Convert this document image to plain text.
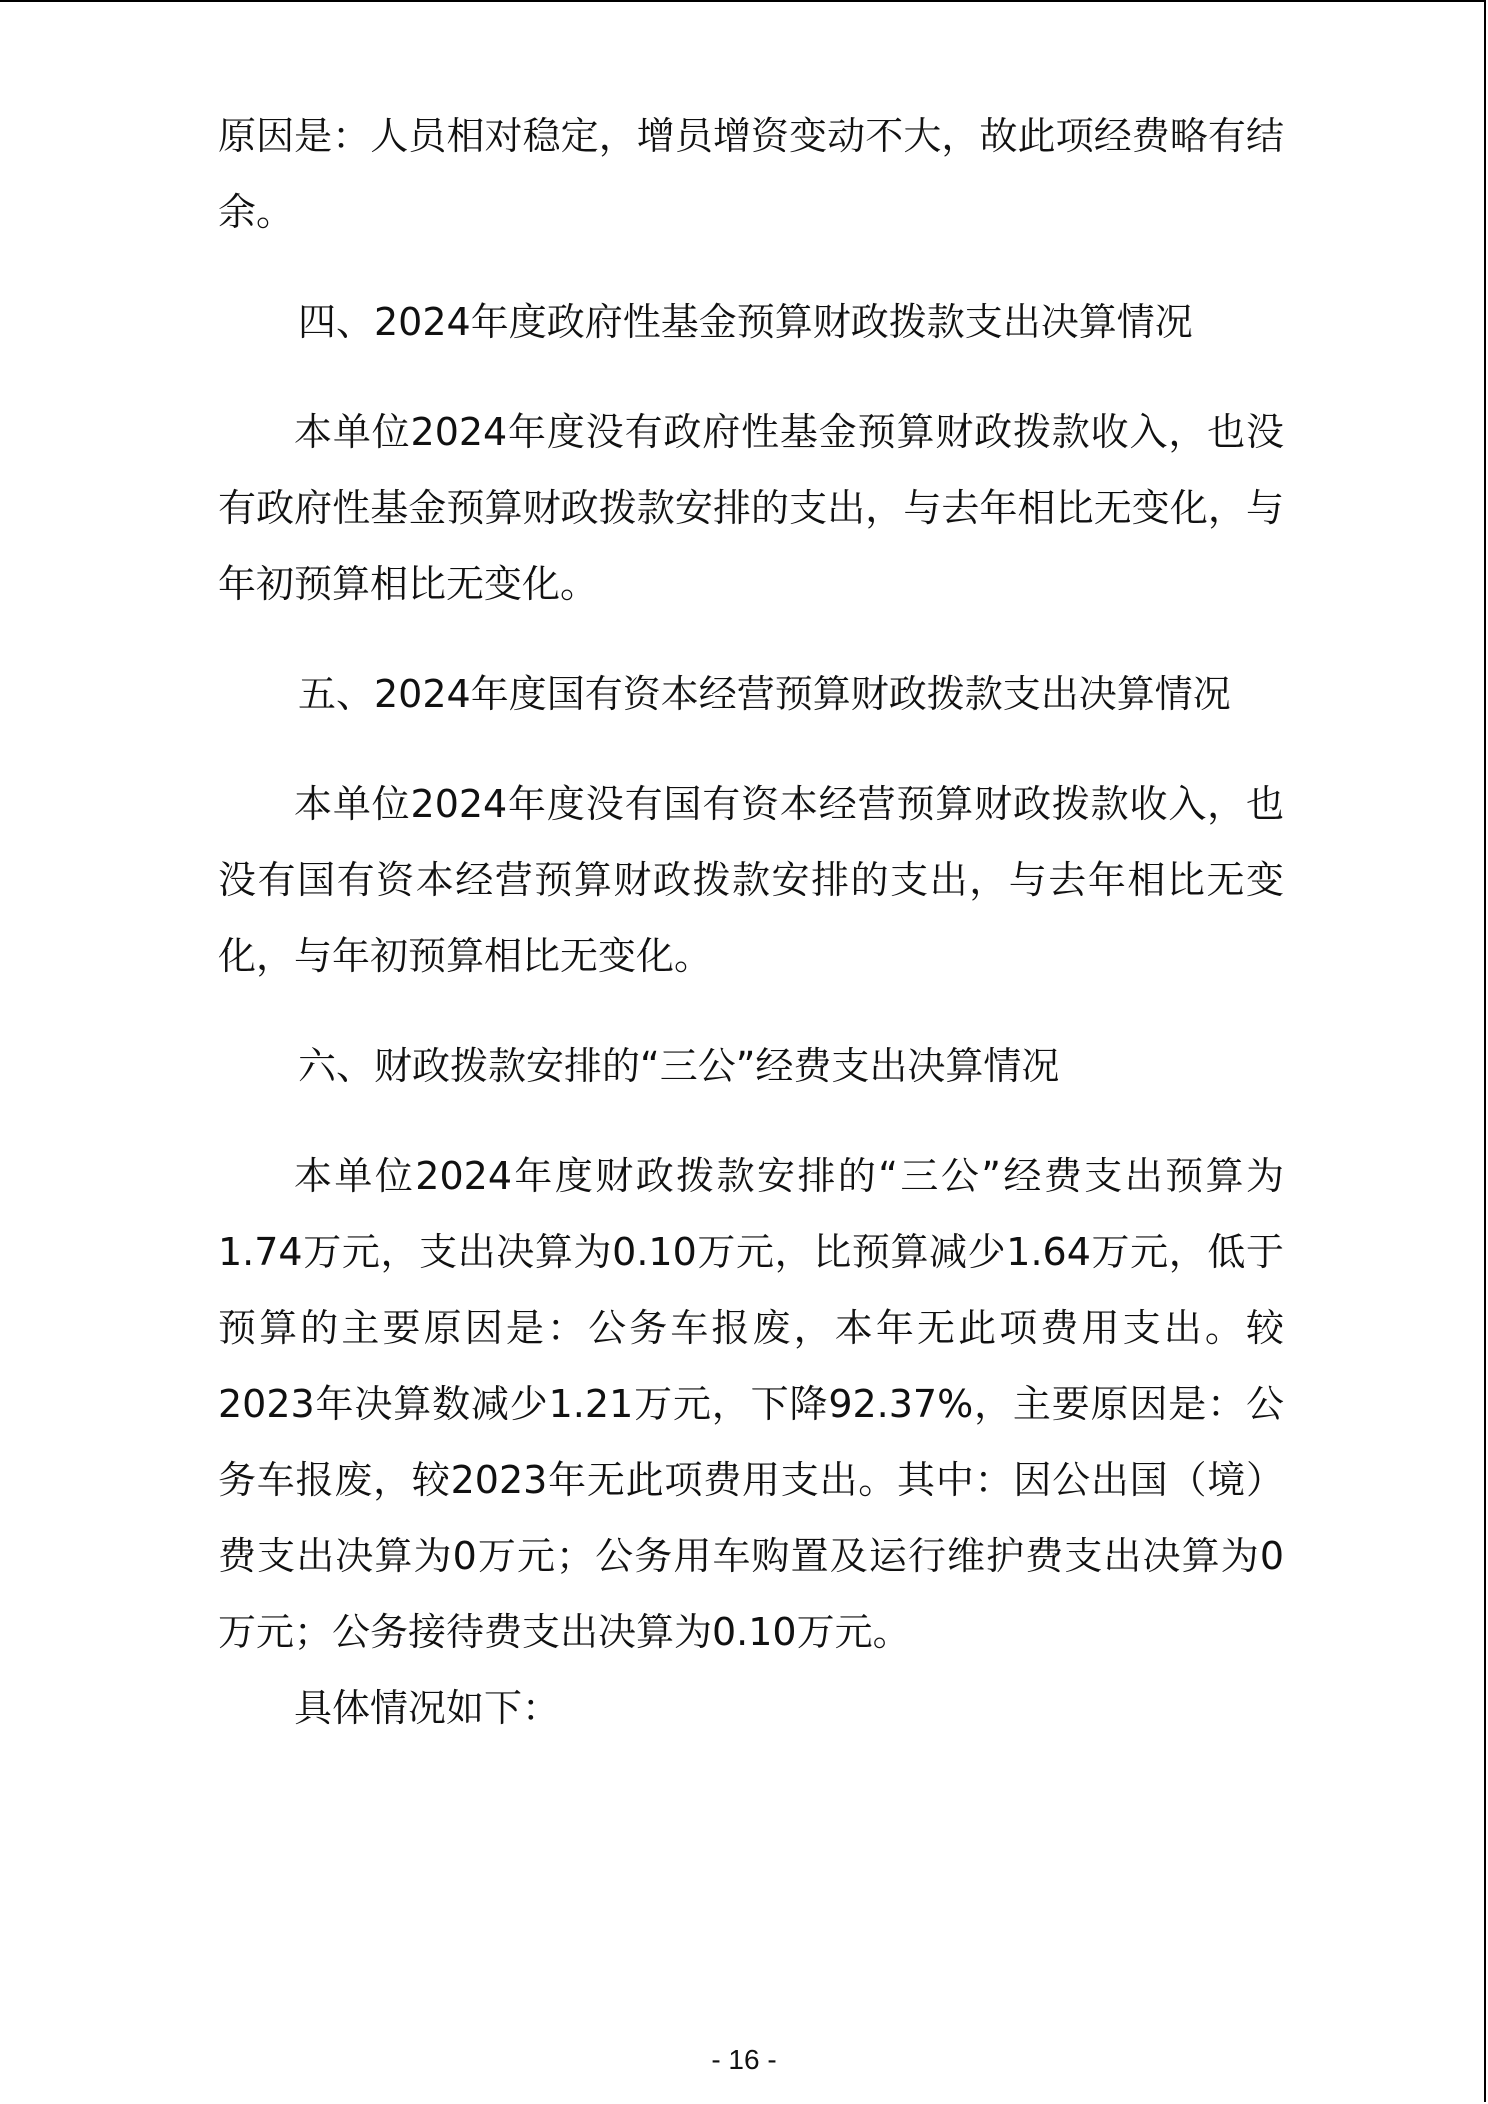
原因是：人员相对稳定，增员增资变动不大，故此项经费略有结余。

四、2024年度政府性基金预算财政拨款支出决算情况

本单位2024年度没有政府性基金预算财政拨款收入，也没有政府性基金预算财政拨款安排的支出，与去年相比无变化，与年初预算相比无变化。

五、2024年度国有资本经营预算财政拨款支出决算情况

本单位2024年度没有国有资本经营预算财政拨款收入，也没有国有资本经营预算财政拨款安排的支出，与去年相比无变化，与年初预算相比无变化。

六、财政拨款安排的“三公”经费支出决算情况

本单位2024年度财政拨款安排的“三公”经费支出预算为1.74万元，支出决算为0.10万元，比预算减少1.64万元，低于预算的主要原因是：公务车报废，本年无此项费用支出。较2023年决算数减少1.21万元，下降92.37%，主要原因是：公务车报废，较2023年无此项费用支出。其中：因公出国（境）费支出决算为0万元；公务用车购置及运行维护费支出决算为0万元；公务接待费支出决算为0.10万元。

具体情况如下：

- 16 -
